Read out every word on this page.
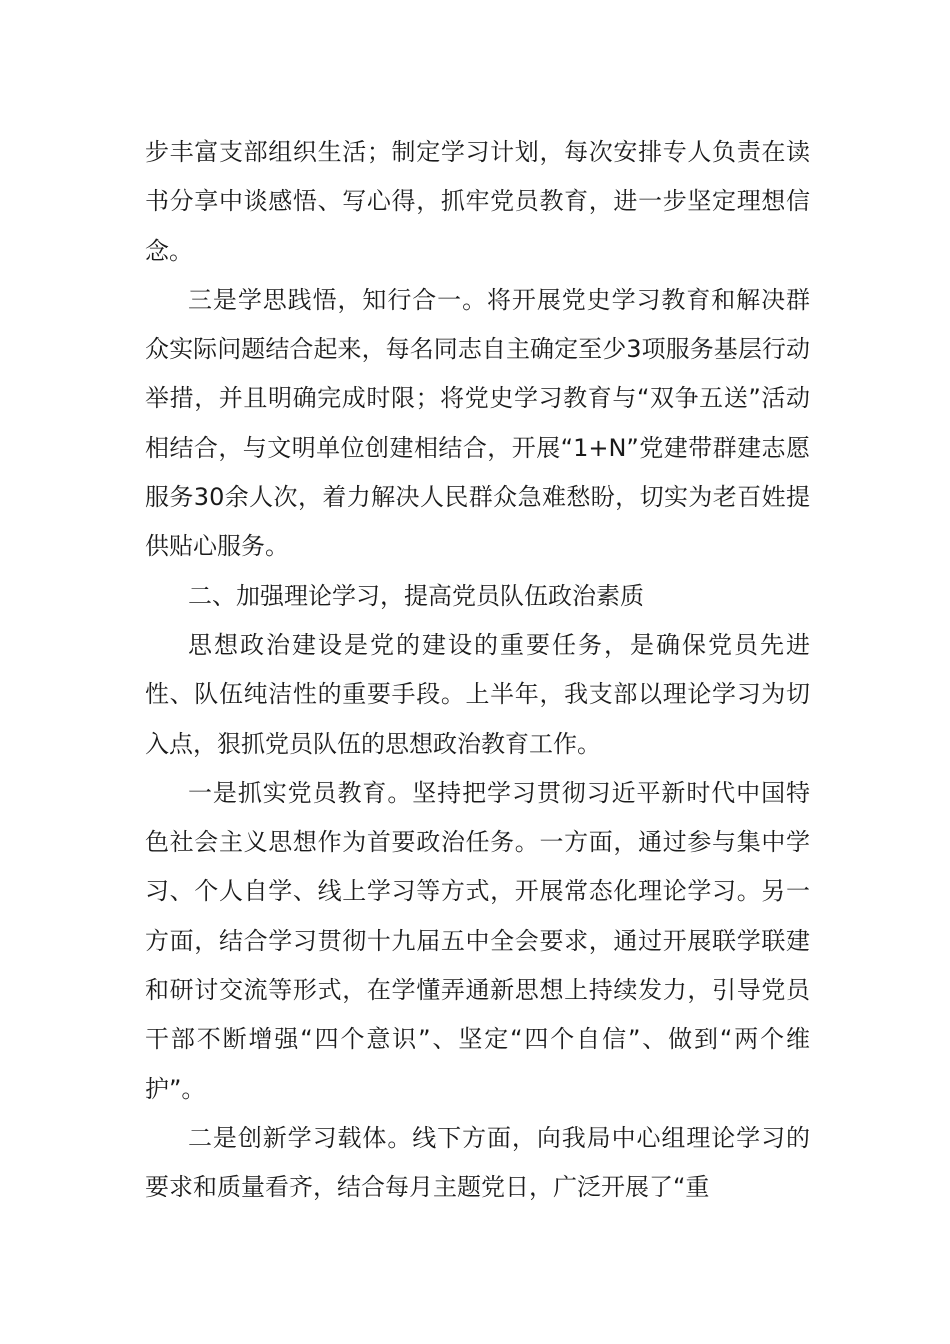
步丰富支部组织生活；制定学习计划，每次安排专人负责在读书分享中谈感悟、写心得，抓牢党员教育，进一步坚定理想信念。

三是学思践悟，知行合一。将开展党史学习教育和解决群众实际问题结合起来，每名同志自主确定至少3项服务基层行动举措，并且明确完成时限；将党史学习教育与“双争五送”活动相结合，与文明单位创建相结合，开展“1+N”党建带群建志愿服务30余人次，着力解决人民群众急难愁盼，切实为老百姓提供贴心服务。

二、加强理论学习，提高党员队伍政治素质

思想政治建设是党的建设的重要任务，是确保党员先进性、队伍纯洁性的重要手段。上半年，我支部以理论学习为切入点，狠抓党员队伍的思想政治教育工作。

一是抓实党员教育。坚持把学习贯彻习近平新时代中国特色社会主义思想作为首要政治任务。一方面，通过参与集中学习、个人自学、线上学习等方式，开展常态化理论学习。另一方面，结合学习贯彻十九届五中全会要求，通过开展联学联建和研讨交流等形式，在学懂弄通新思想上持续发力，引导党员干部不断增强“四个意识”、坚定“四个自信”、做到“两个维护”。

二是创新学习载体。线下方面，向我局中心组理论学习的要求和质量看齐，结合每月主题党日，广泛开展了“重
